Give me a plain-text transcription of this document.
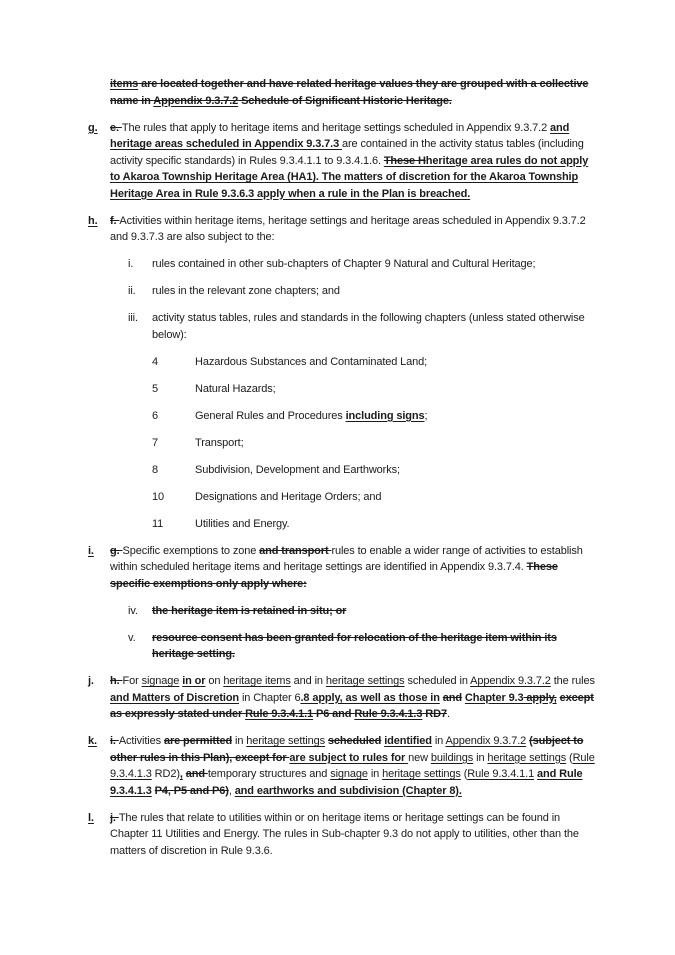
items are located together and have related heritage values they are grouped with a collective name in Appendix 9.3.7.2 Schedule of Significant Historic Heritage.
g.	e. The rules that apply to heritage items and heritage settings scheduled in Appendix 9.3.7.2 and heritage areas scheduled in Appendix 9.3.7.3 are contained in the activity status tables (including activity specific standards) in Rules 9.3.4.1.1 to 9.3.4.1.6. These Hheritage area rules do not apply to Akaroa Township Heritage Area (HA1). The matters of discretion for the Akaroa Township Heritage Area in Rule 9.3.6.3 apply when a rule in the Plan is breached.
h.	f. Activities within heritage items, heritage settings and heritage areas scheduled in Appendix 9.3.7.2 and 9.3.7.3 are also subject to the:
i.	rules contained in other sub-chapters of Chapter 9 Natural and Cultural Heritage;
ii.	rules in the relevant zone chapters; and
iii.	activity status tables, rules and standards in the following chapters (unless stated otherwise below):
4	Hazardous Substances and Contaminated Land;
5	Natural Hazards;
6	General Rules and Procedures including signs;
7	Transport;
8	Subdivision, Development and Earthworks;
10	Designations and Heritage Orders; and
11	Utilities and Energy.
i.	g. Specific exemptions to zone and transport rules to enable a wider range of activities to establish within scheduled heritage items and heritage settings are identified in Appendix 9.3.7.4. These specific exemptions only apply where:
iv.	the heritage item is retained in situ; or
v.	resource consent has been granted for relocation of the heritage item within its heritage setting.
j.	h. For signage in or on heritage items and in heritage settings scheduled in Appendix 9.3.7.2 the rules and Matters of Discretion in Chapter 6.8 apply, as well as those in and Chapter 9.3 apply, except as expressly stated under Rule 9.3.4.1.1 P6 and Rule 9.3.4.1.3 RD7.
k.	i. Activities are permitted in heritage settings scheduled identified in Appendix 9.3.7.2 (subject to other rules in this Plan), except for are subject to rules for new buildings in heritage settings (Rule 9.3.4.1.3 RD2), and temporary structures and signage in heritage settings (Rule 9.3.4.1.1 and Rule 9.3.4.1.3 P4, P5 and P6), and earthworks and subdivision (Chapter 8).
l.	j. The rules that relate to utilities within or on heritage items or heritage settings can be found in Chapter 11 Utilities and Energy. The rules in Sub-chapter 9.3 do not apply to utilities, other than the matters of discretion in Rule 9.3.6.
